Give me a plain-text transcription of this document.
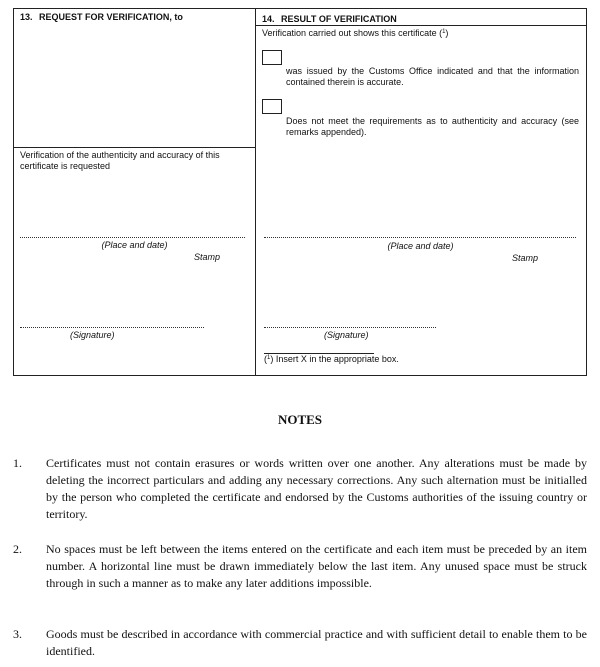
13. REQUEST FOR VERIFICATION, to
Verification of the authenticity and accuracy of this certificate is requested
(Place and date)
Stamp
(Signature)
14. RESULT OF VERIFICATION
Verification carried out shows this certificate ($^1$)
was issued by the Customs Office indicated and that the information contained therein is accurate.
Does not meet the requirements as to authenticity and accuracy (see remarks appended).
(Place and date)
Stamp
(Signature)
($^1$) Insert X in the appropriate box.
NOTES
1. Certificates must not contain erasures or words written over one another. Any alterations must be made by deleting the incorrect particulars and adding any necessary corrections. Any such alternation must be initialled by the person who completed the certificate and endorsed by the Customs authorities of the issuing country or territory.
2. No spaces must be left between the items entered on the certificate and each item must be preceded by an item number. A horizontal line must be drawn immediately below the last item. Any unused space must be struck through in such a manner as to make any later additions impossible.
3. Goods must be described in accordance with commercial practice and with sufficient detail to enable them to be identified.
